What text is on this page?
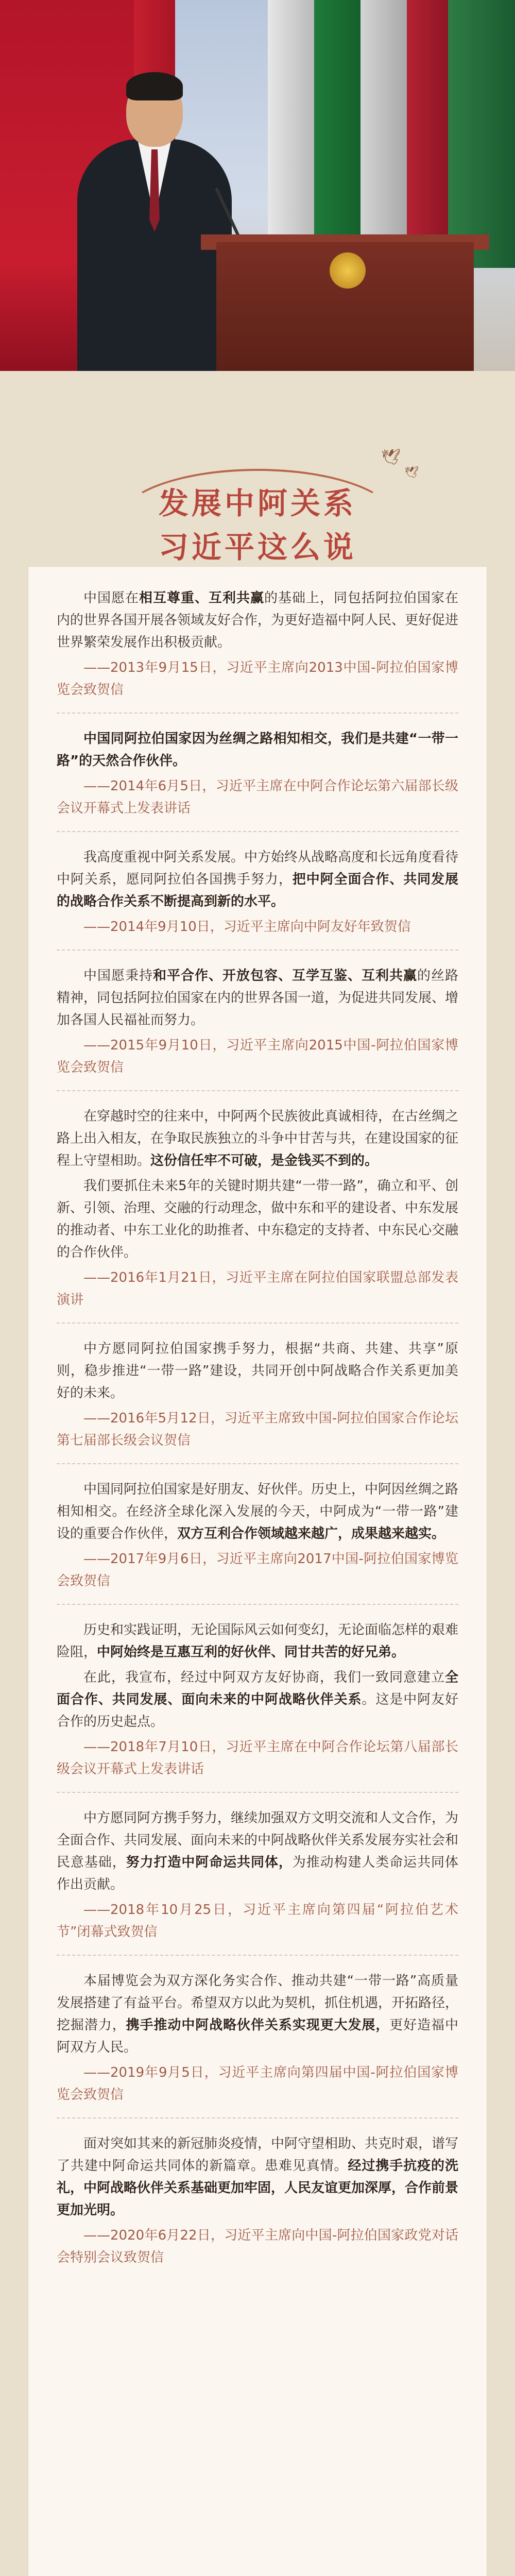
🕊
🕊
发展中阿关系
习近平这么说

中国愿在相互尊重、互利共赢的基础上，同包括阿拉伯国家在内的世界各国开展各领域友好合作，为更好造福中阿人民、更好促进世界繁荣发展作出积极贡献。

——2013年9月15日，习近平主席向2013中国-阿拉伯国家博览会致贺信

中国同阿拉伯国家因为丝绸之路相知相交，我们是共建“一带一路”的天然合作伙伴。

——2014年6月5日，习近平主席在中阿合作论坛第六届部长级会议开幕式上发表讲话

我高度重视中阿关系发展。中方始终从战略高度和长远角度看待中阿关系，愿同阿拉伯各国携手努力，把中阿全面合作、共同发展的战略合作关系不断提高到新的水平。

——2014年9月10日，习近平主席向中阿友好年致贺信

中国愿秉持和平合作、开放包容、互学互鉴、互利共赢的丝路精神，同包括阿拉伯国家在内的世界各国一道，为促进共同发展、增加各国人民福祉而努力。

——2015年9月10日，习近平主席向2015中国-阿拉伯国家博览会致贺信

在穿越时空的往来中，中阿两个民族彼此真诚相待，在古丝绸之路上出入相友，在争取民族独立的斗争中甘苦与共，在建设国家的征程上守望相助。这份信任牢不可破，是金钱买不到的。

我们要抓住未来5年的关键时期共建“一带一路”，确立和平、创新、引领、治理、交融的行动理念，做中东和平的建设者、中东发展的推动者、中东工业化的助推者、中东稳定的支持者、中东民心交融的合作伙伴。

——2016年1月21日，习近平主席在阿拉伯国家联盟总部发表演讲

中方愿同阿拉伯国家携手努力，根据“共商、共建、共享”原则，稳步推进“一带一路”建设，共同开创中阿战略合作关系更加美好的未来。

——2016年5月12日，习近平主席致中国-阿拉伯国家合作论坛第七届部长级会议贺信

中国同阿拉伯国家是好朋友、好伙伴。历史上，中阿因丝绸之路相知相交。在经济全球化深入发展的今天，中阿成为“一带一路”建设的重要合作伙伴，双方互利合作领域越来越广，成果越来越实。

——2017年9月6日，习近平主席向2017中国-阿拉伯国家博览会致贺信

历史和实践证明，无论国际风云如何变幻，无论面临怎样的艰难险阻，中阿始终是互惠互利的好伙伴、同甘共苦的好兄弟。

在此，我宣布，经过中阿双方友好协商，我们一致同意建立全面合作、共同发展、面向未来的中阿战略伙伴关系。这是中阿友好合作的历史起点。

——2018年7月10日，习近平主席在中阿合作论坛第八届部长级会议开幕式上发表讲话

中方愿同阿方携手努力，继续加强双方文明交流和人文合作，为全面合作、共同发展、面向未来的中阿战略伙伴关系发展夯实社会和民意基础，努力打造中阿命运共同体，为推动构建人类命运共同体作出贡献。

——2018年10月25日，习近平主席向第四届“阿拉伯艺术节”闭幕式致贺信

本届博览会为双方深化务实合作、推动共建“一带一路”高质量发展搭建了有益平台。希望双方以此为契机，抓住机遇，开拓路径，挖掘潜力，携手推动中阿战略伙伴关系实现更大发展，更好造福中阿双方人民。

——2019年9月5日，习近平主席向第四届中国-阿拉伯国家博览会致贺信

面对突如其来的新冠肺炎疫情，中阿守望相助、共克时艰，谱写了共建中阿命运共同体的新篇章。患难见真情。经过携手抗疫的洗礼，中阿战略伙伴关系基础更加牢固，人民友谊更加深厚，合作前景更加光明。

——2020年6月22日，习近平主席向中国-阿拉伯国家政党对话会特别会议致贺信
